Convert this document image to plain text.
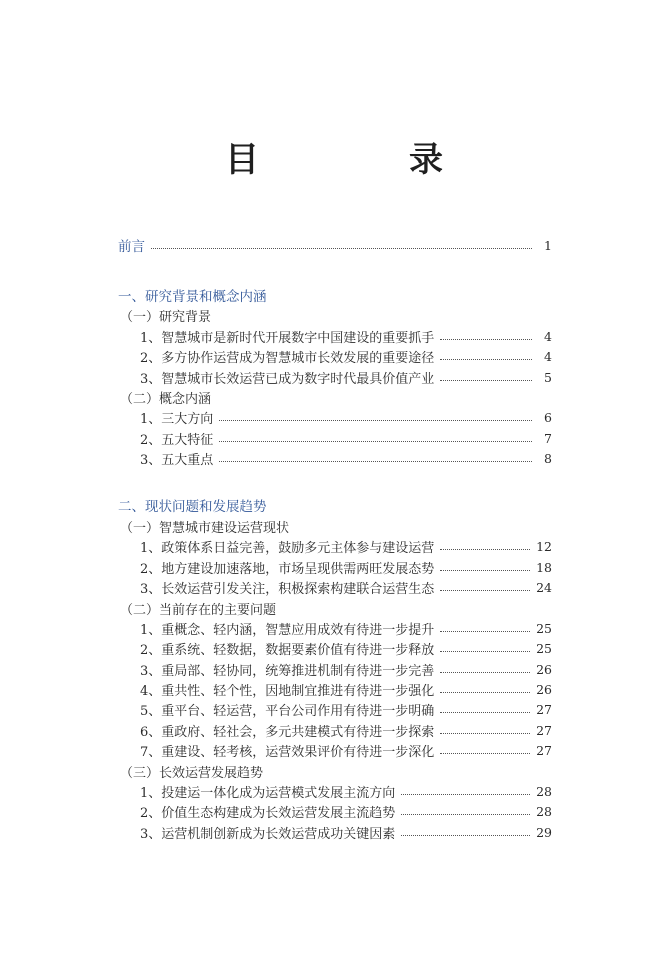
目　录
前言	1
一、研究背景和概念内涵
（一）研究背景
1、智慧城市是新时代开展数字中国建设的重要抓手	4
2、多方协作运营成为智慧城市长效发展的重要途径	4
3、智慧城市长效运营已成为数字时代最具价值产业	5
（二）概念内涵
1、三大方向	6
2、五大特征	7
3、五大重点	8
二、现状问题和发展趋势
（一）智慧城市建设运营现状
1、政策体系日益完善，鼓励多元主体参与建设运营	12
2、地方建设加速落地，市场呈现供需两旺发展态势	18
3、长效运营引发关注，积极探索构建联合运营生态	24
（二）当前存在的主要问题
1、重概念、轻内涵，智慧应用成效有待进一步提升	25
2、重系统、轻数据，数据要素价值有待进一步释放	25
3、重局部、轻协同，统筹推进机制有待进一步完善	26
4、重共性、轻个性，因地制宜推进有待进一步强化	26
5、重平台、轻运营，平台公司作用有待进一步明确	27
6、重政府、轻社会，多元共建模式有待进一步探索	27
7、重建设、轻考核，运营效果评价有待进一步深化	27
（三）长效运营发展趋势
1、投建运一体化成为运营模式发展主流方向	28
2、价值生态构建成为长效运营发展主流趋势	28
3、运营机制创新成为长效运营成功关键因素	29
